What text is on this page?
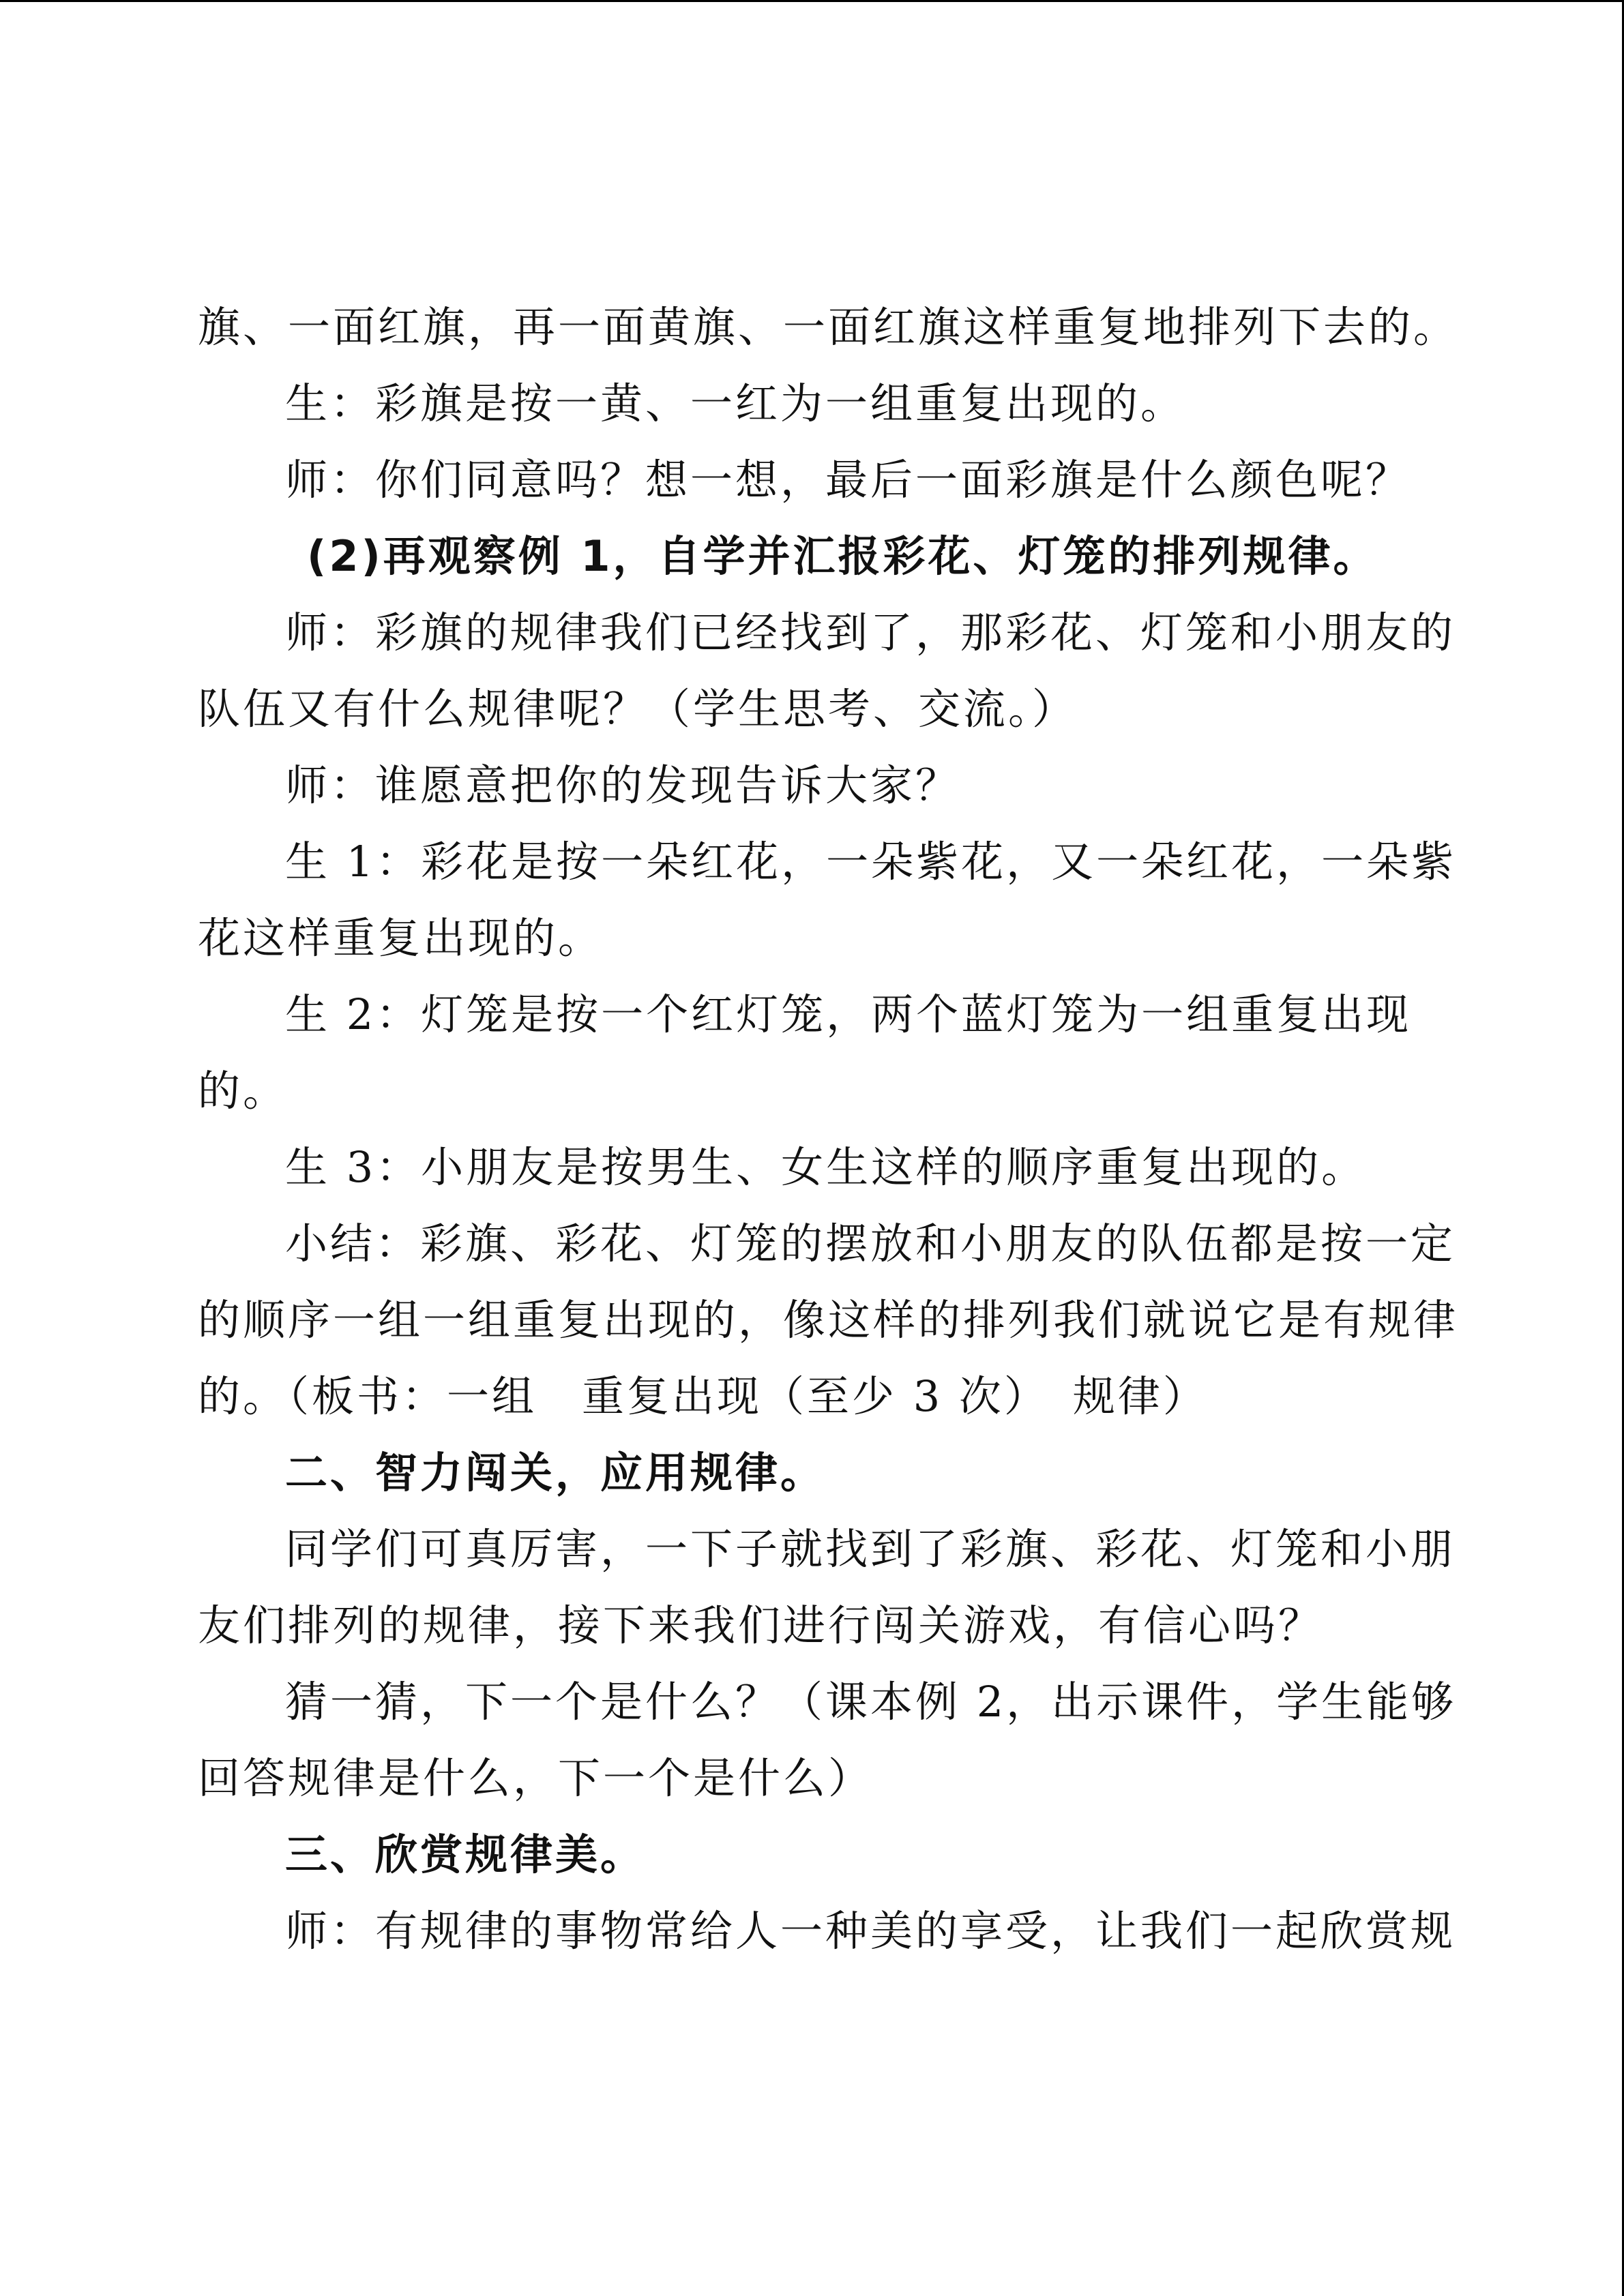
旗、一面红旗，再一面黄旗、一面红旗这样重复地排列下去的。
生：彩旗是按一黄、一红为一组重复出现的。
师：你们同意吗？想一想，最后一面彩旗是什么颜色呢？
(2)再观察例 1，自学并汇报彩花、灯笼的排列规律。
师：彩旗的规律我们已经找到了，那彩花、灯笼和小朋友的
队伍又有什么规律呢？（学生思考、交流。）
师：谁愿意把你的发现告诉大家？
生 1：彩花是按一朵红花，一朵紫花，又一朵红花，一朵紫
花这样重复出现的。
生 2：灯笼是按一个红灯笼，两个蓝灯笼为一组重复出现
的。
生 3：小朋友是按男生、女生这样的顺序重复出现的。
小结：彩旗、彩花、灯笼的摆放和小朋友的队伍都是按一定
的顺序一组一组重复出现的，像这样的排列我们就说它是有规律
的。（板书：一组　重复出现（至少 3 次）　规律）
二、智力闯关，应用规律。
同学们可真厉害，一下子就找到了彩旗、彩花、灯笼和小朋
友们排列的规律，接下来我们进行闯关游戏，有信心吗？
猜一猜，下一个是什么？（课本例 2，出示课件，学生能够
回答规律是什么，下一个是什么）
三、欣赏规律美。
师：有规律的事物常给人一种美的享受，让我们一起欣赏规
